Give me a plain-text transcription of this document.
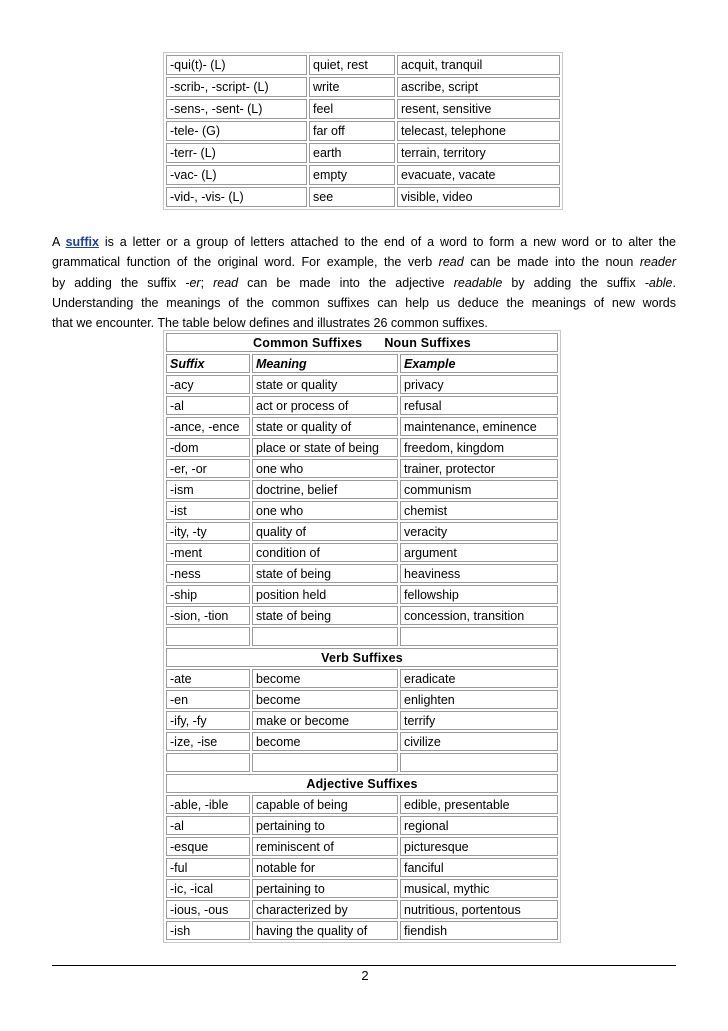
-qui(t)- (L)	quiet, rest	acquit, tranquil
-scrib-, -script- (L)	write	ascribe, script
-sens-, -sent- (L)	feel	resent, sensitive
-tele- (G)	far off	telecast, telephone
-terr- (L)	earth	terrain, territory
-vac- (L)	empty	evacuate, vacate
-vid-, -vis- (L)	see	visible, video
A suffix is a letter or a group of letters attached to the end of a word to form a new word or to alter the
grammatical function of the original word. For example, the verb read can be made into the noun reader
by adding the suffix -er; read can be made into the adjective readable by adding the suffix -able.
Understanding the meanings of the common suffixes can help us deduce the meanings of new words
that we encounter. The table below defines and illustrates 26 common suffixes.
Common Suffixes Noun Suffixes		
Suffix	Meaning	Example
-acy	state or quality	privacy
-al	act or process of	refusal
-ance, -ence	state or quality of	maintenance, eminence
-dom	place or state of being	freedom, kingdom
-er, -or	one who	trainer, protector
-ism	doctrine, belief	communism
-ist	one who	chemist
-ity, -ty	quality of	veracity
-ment	condition of	argument
-ness	state of being	heaviness
-ship	position held	fellowship
-sion, -tion	state of being	concession, transition

Verb Suffixes		
-ate	become	eradicate
-en	become	enlighten
-ify, -fy	make or become	terrify
-ize, -ise	become	civilize

Adjective Suffixes		
-able, -ible	capable of being	edible, presentable
-al	pertaining to	regional
-esque	reminiscent of	picturesque
-ful	notable for	fanciful
-ic, -ical	pertaining to	musical, mythic
-ious, -ous	characterized by	nutritious, portentous
-ish	having the quality of	fiendish
2
